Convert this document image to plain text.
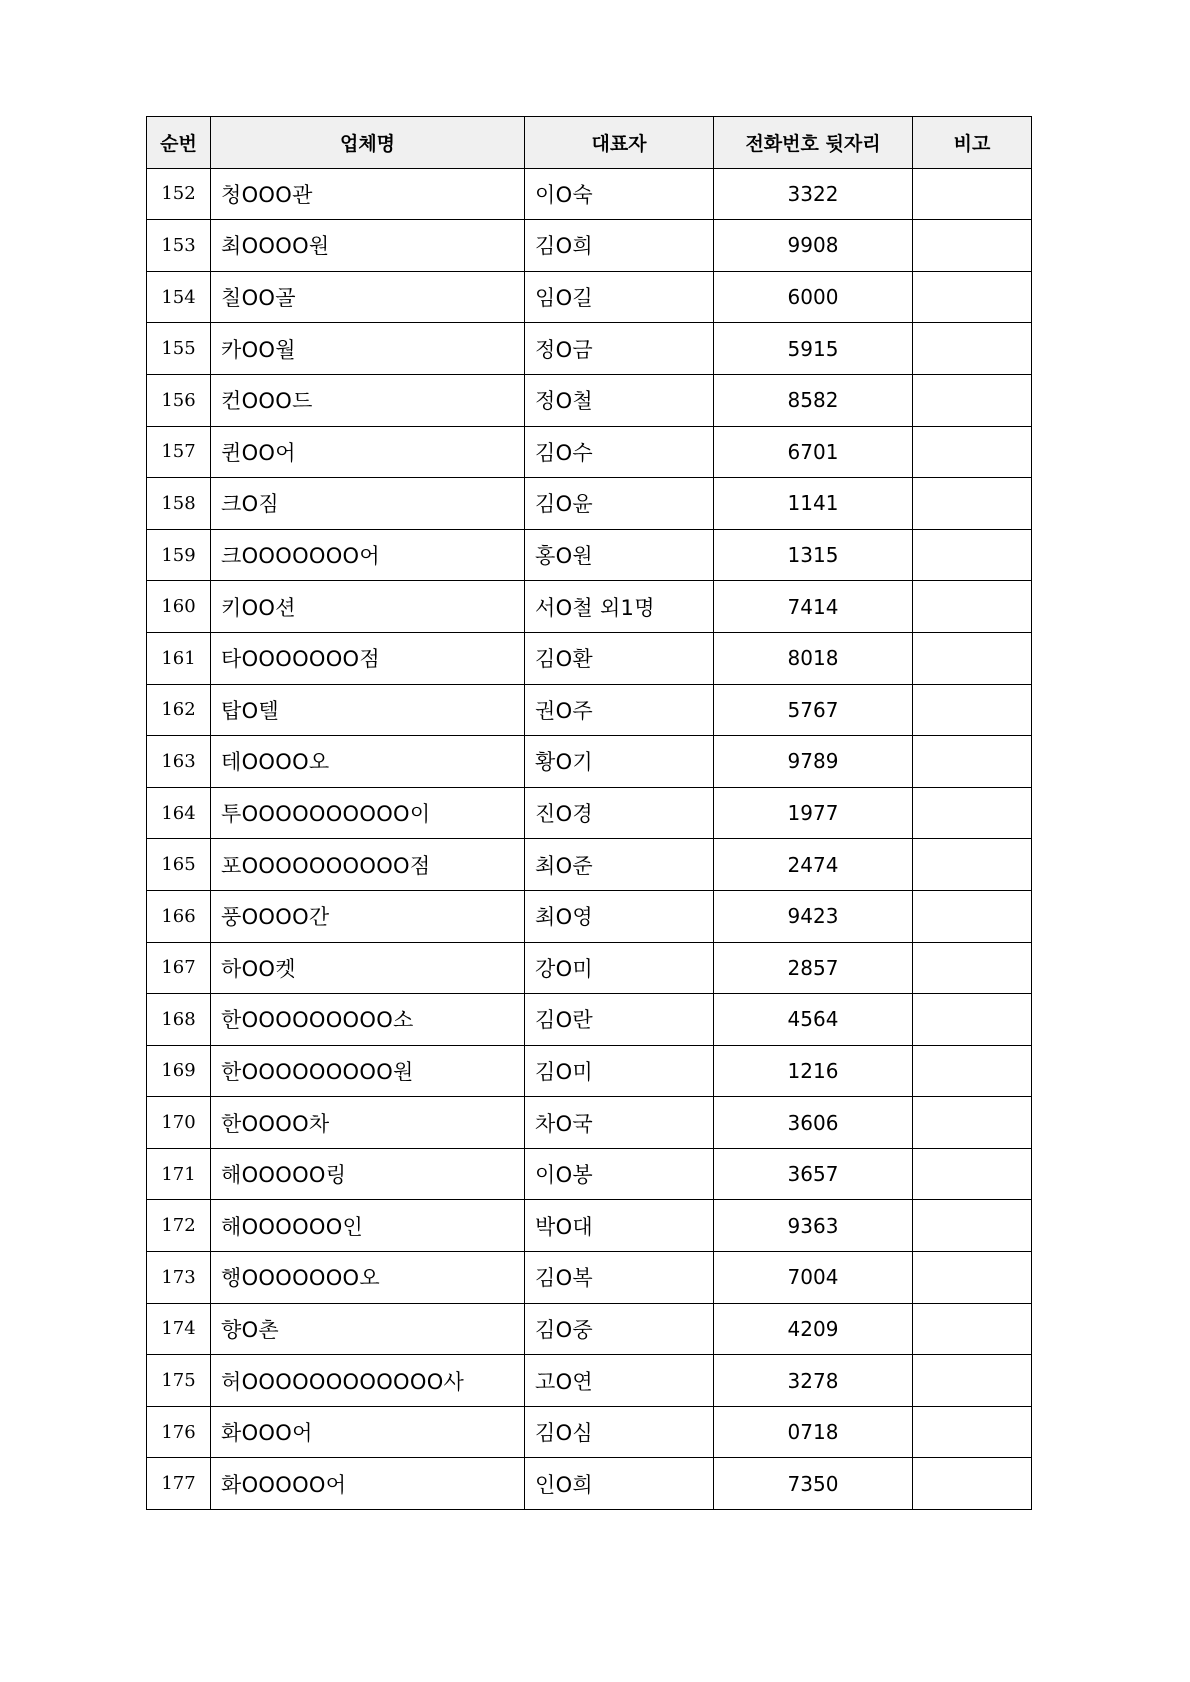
순번	업체명	대표자	전화번호 뒷자리	비고
152	청OOO관	이O숙	3322	
153	최OOOO원	김O희	9908	
154	칠OO골	임O길	6000	
155	카OO월	정O금	5915	
156	컨OOO드	정O철	8582	
157	퀸OO어	김O수	6701	
158	크O짐	김O윤	1141	
159	크OOOOOOO어	홍O원	1315	
160	키OO션	서O철 외1명	7414	
161	타OOOOOOO점	김O환	8018	
162	탑O텔	권O주	5767	
163	테OOOO오	황O기	9789	
164	투OOOOOOOOOO이	진O경	1977	
165	포OOOOOOOOOO점	최O준	2474	
166	풍OOOO간	최O영	9423	
167	하OO켓	강O미	2857	
168	한OOOOOOOOO소	김O란	4564	
169	한OOOOOOOOO원	김O미	1216	
170	한OOOO차	차O국	3606	
171	해OOOOO링	이O봉	3657	
172	해OOOOOO인	박O대	9363	
173	행OOOOOOO오	김O복	7004	
174	향O촌	김O중	4209	
175	허OOOOOOOOOOOO사	고O연	3278	
176	화OOO어	김O심	0718	
177	화OOOOO어	인O희	7350	
